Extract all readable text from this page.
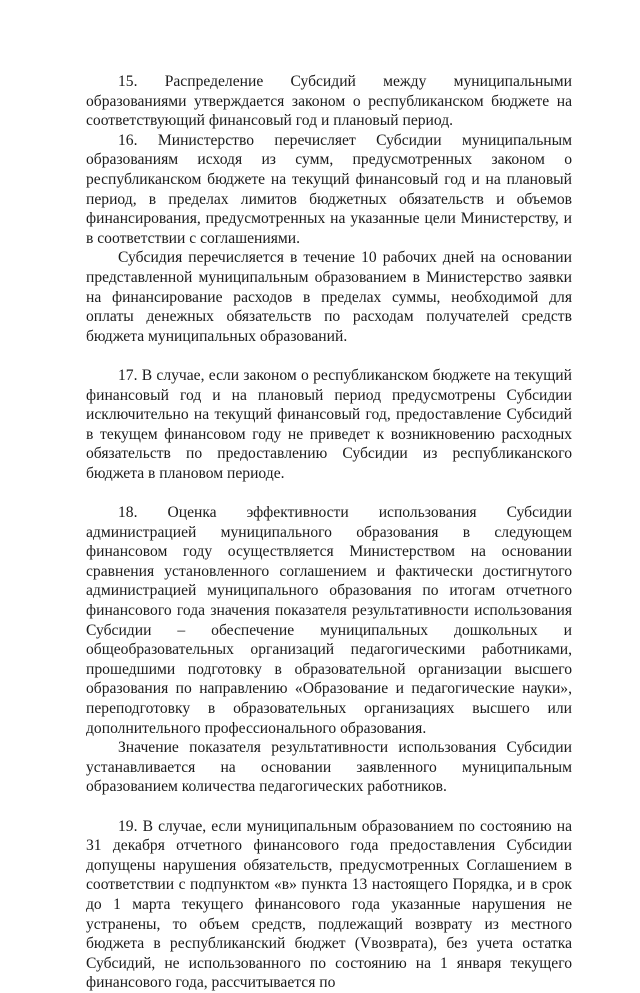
15. Распределение Субсидий между муниципальными образованиями утверждается законом о республиканском бюджете на соответствующий финансовый год и плановый период.

16. Министерство перечисляет Субсидии муниципальным образованиям исходя из сумм, предусмотренных законом о республиканском бюджете на текущий финансовый год и на плановый период, в пределах лимитов бюджетных обязательств и объемов финансирования, предусмотренных на указанные цели Министерству, и в соответствии с соглашениями.

Субсидия перечисляется в течение 10 рабочих дней на основании представленной муниципальным образованием в Министерство заявки на финансирование расходов в пределах суммы, необходимой для оплаты денежных обязательств по расходам получателей средств бюджета муниципальных образований.

17. В случае, если законом о республиканском бюджете на текущий финансовый год и на плановый период предусмотрены Субсидии исключительно на текущий финансовый год, предоставление Субсидий в текущем финансовом году не приведет к возникновению расходных обязательств по предоставлению Субсидии из республиканского бюджета в плановом периоде.

18. Оценка эффективности использования Субсидии администрацией муниципального образования в следующем финансовом году осуществляется Министерством на основании сравнения установленного соглашением и фактически достигнутого администрацией муниципального образования по итогам отчетного финансового года значения показателя результативности использования Субсидии – обеспечение муниципальных дошкольных и общеобразовательных организаций педагогическими работниками, прошедшими подготовку в образовательной организации высшего образования по направлению «Образование и педагогические науки», переподготовку в образовательных организациях высшего или дополнительного профессионального образования.

Значение показателя результативности использования Субсидии устанавливается на основании заявленного муниципальным образованием количества педагогических работников.

19. В случае, если муниципальным образованием по состоянию на 31 декабря отчетного финансового года предоставления Субсидии допущены нарушения обязательств, предусмотренных Соглашением в соответствии с подпунктом «в» пункта 13 настоящего Порядка, и в срок до 1 марта текущего финансового года указанные нарушения не устранены, то объем средств, подлежащий возврату из местного бюджета в республиканский бюджет (Vвозврата), без учета остатка Субсидий, не использованного по состоянию на 1 января текущего финансового года, рассчитывается по
